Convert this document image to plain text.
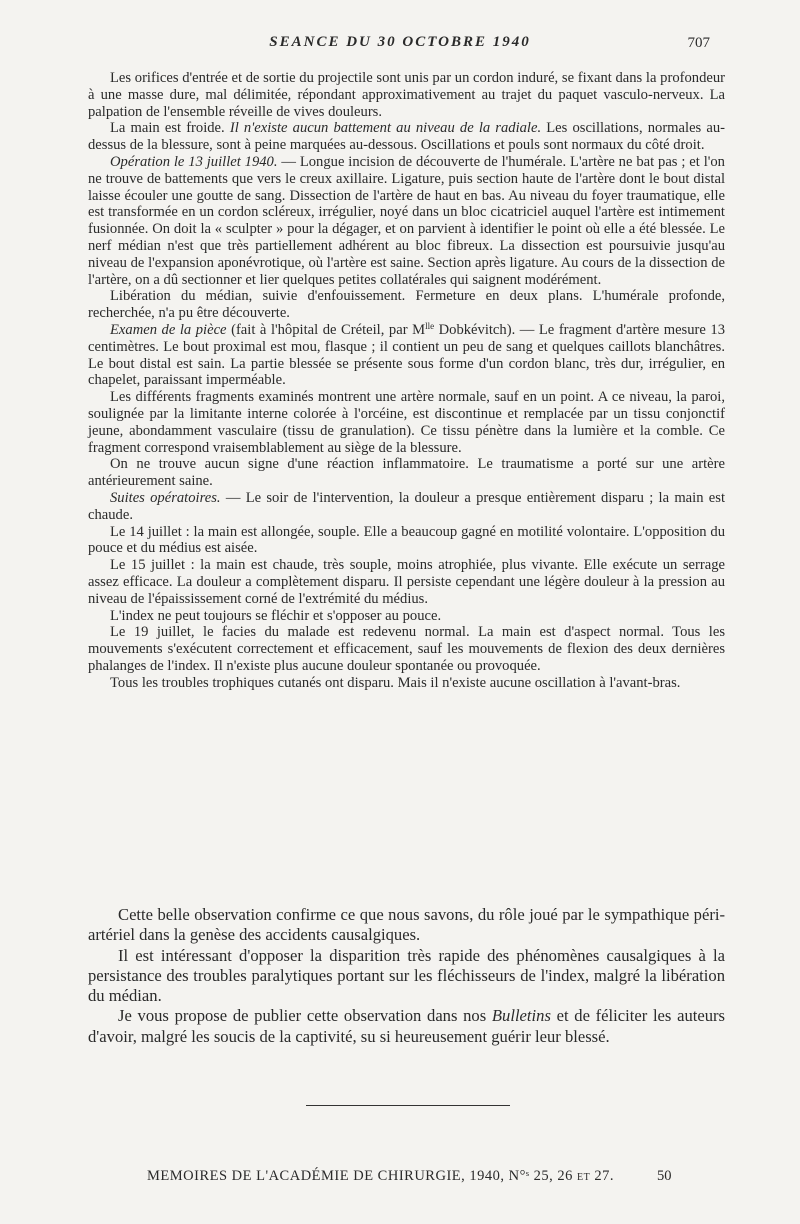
SEANCE DU 30 OCTOBRE 1940	707

Les orifices d'entrée et de sortie du projectile sont unis par un cordon induré, se fixant dans la profondeur à une masse dure, mal délimitée, répondant approximativement au trajet du paquet vasculo-nerveux. La palpation de l'ensemble réveille de vives douleurs.

La main est froide. Il n'existe aucun battement au niveau de la radiale. Les oscillations, normales au-dessus de la blessure, sont à peine marquées au-dessous. Oscillations et pouls sont normaux du côté droit.

Opération le 13 juillet 1940. — Longue incision de découverte de l'humérale. L'artère ne bat pas ; et l'on ne trouve de battements que vers le creux axillaire. Ligature, puis section haute de l'artère dont le bout distal laisse écouler une goutte de sang. Dissection de l'artère de haut en bas. Au niveau du foyer traumatique, elle est transformée en un cordon scléreux, irrégulier, noyé dans un bloc cicatriciel auquel l'artère est intimement fusionnée. On doit la « sculpter » pour la dégager, et on parvient à identifier le point où elle a été blessée. Le nerf médian n'est que très partiellement adhérent au bloc fibreux. La dissection est poursuivie jusqu'au niveau de l'expansion aponévrotique, où l'artère est saine. Section après ligature. Au cours de la dissection de l'artère, on a dû sectionner et lier quelques petites collatérales qui saignent modérément.

Libération du médian, suivie d'enfouissement. Fermeture en deux plans. L'humérale profonde, recherchée, n'a pu être découverte.

Examen de la pièce (fait à l'hôpital de Créteil, par $M^{lle}$ Dobkévitch). — Le fragment d'artère mesure 13 centimètres. Le bout proximal est mou, flasque ; il contient un peu de sang et quelques caillots blanchâtres. Le bout distal est sain. La partie blessée se présente sous forme d'un cordon blanc, très dur, irrégulier, en chapelet, paraissant imperméable.

Les différents fragments examinés montrent une artère normale, sauf en un point. A ce niveau, la paroi, soulignée par la limitante interne colorée à l'orcéine, est discontinue et remplacée par un tissu conjonctif jeune, abondamment vasculaire (tissu de granulation). Ce tissu pénètre dans la lumière et la comble. Ce fragment correspond vraisemblablement au siège de la blessure.

On ne trouve aucun signe d'une réaction inflammatoire. Le traumatisme a porté sur une artère antérieurement saine.

Suites opératoires. — Le soir de l'intervention, la douleur a presque entièrement disparu ; la main est chaude.

Le 14 juillet : la main est allongée, souple. Elle a beaucoup gagné en motilité volontaire. L'opposition du pouce et du médius est aisée.

Le 15 juillet : la main est chaude, très souple, moins atrophiée, plus vivante. Elle exécute un serrage assez efficace. La douleur a complètement disparu. Il persiste cependant une légère douleur à la pression au niveau de l'épaississement corné de l'extrémité du médius.

L'index ne peut toujours se fléchir et s'opposer au pouce.

Le 19 juillet, le facies du malade est redevenu normal. La main est d'aspect normal. Tous les mouvements s'exécutent correctement et efficacement, sauf les mouvements de flexion des deux dernières phalanges de l'index. Il n'existe plus aucune douleur spontanée ou provoquée.

Tous les troubles trophiques cutanés ont disparu. Mais il n'existe aucune oscillation à l'avant-bras.

Cette belle observation confirme ce que nous savons, du rôle joué par le sympathique péri-artériel dans la genèse des accidents causalgiques.

Il est intéressant d'opposer la disparition très rapide des phénomènes causalgiques à la persistance des troubles paralytiques portant sur les fléchisseurs de l'index, malgré la libération du médian.

Je vous propose de publier cette observation dans nos Bulletins et de féliciter les auteurs d'avoir, malgré les soucis de la captivité, su si heureusement guérir leur blessé.

MEMOIRES DE L'ACADÉMIE DE CHIRURGIE, 1940, N°ˢ 25, 26 et 27.	50
